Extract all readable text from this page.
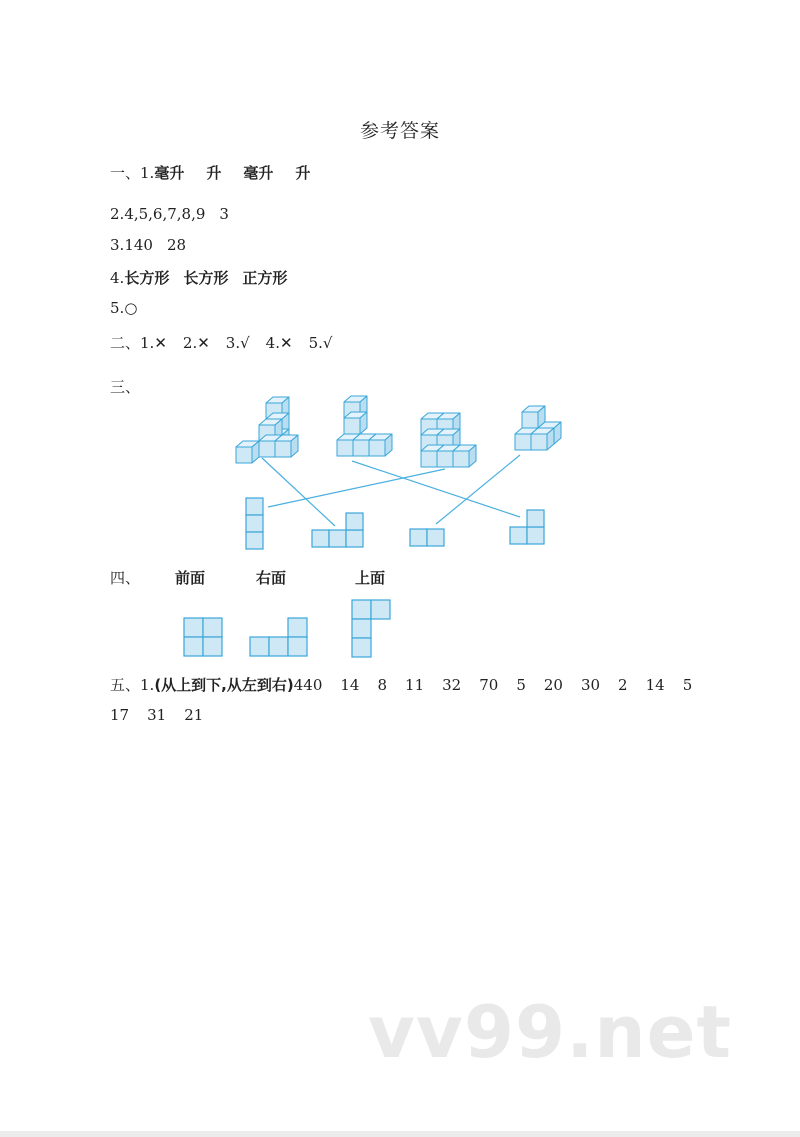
参考答案
一、1.毫升 升 毫升 升
2.4,5,6,7,8,9 3
3.140 28
4.长方形 长方形 正方形
5.○
二、1.✕ 2.✕ 3.√ 4.✕ 5.√
三、
四、 前面	右面	上面
五、1.(从上到下,从左到右)440 14 8 11 32 70 5 20 30 2 14 5
17 31 21
vv99.net
